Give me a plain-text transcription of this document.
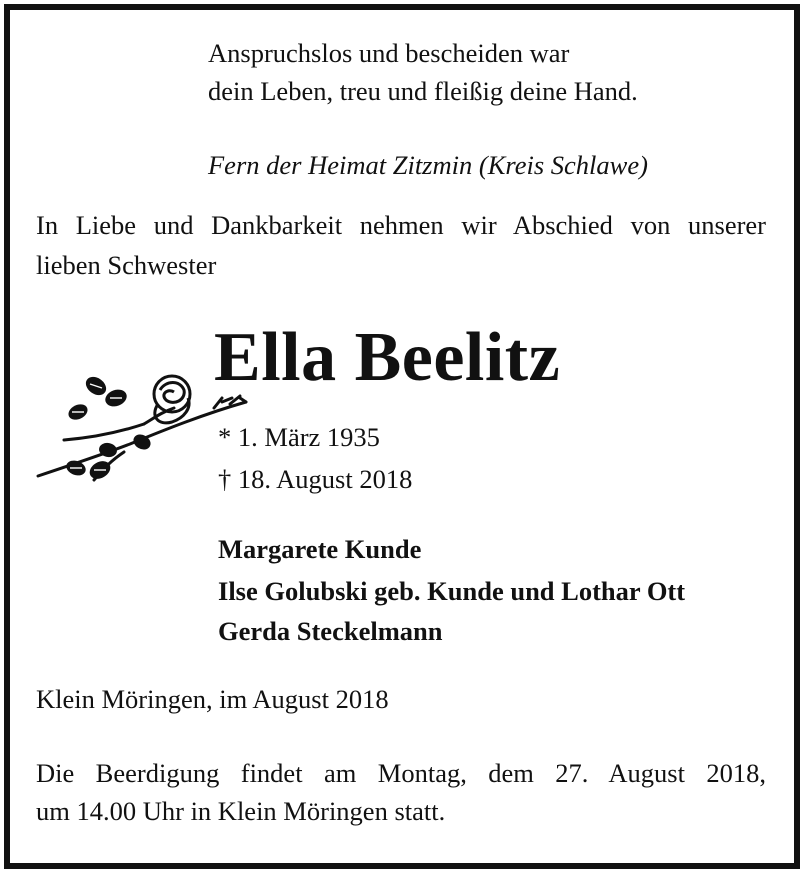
Anspruchslos und bescheiden war

dein Leben, treu und fleißig deine Hand.

Fern der Heimat Zitzmin (Kreis Schlawe)

In Liebe und Dankbarkeit nehmen wir Abschied von unserer

lieben Schwester

Ella Beelitz

* 1. März 1935

† 18. August 2018

Margarete Kunde

Ilse Golubski geb. Kunde und Lothar Ott

Gerda Steckelmann

Klein Möringen, im August 2018

Die Beerdigung findet am Montag, dem 27. August 2018,

um 14.00 Uhr in Klein Möringen statt.
